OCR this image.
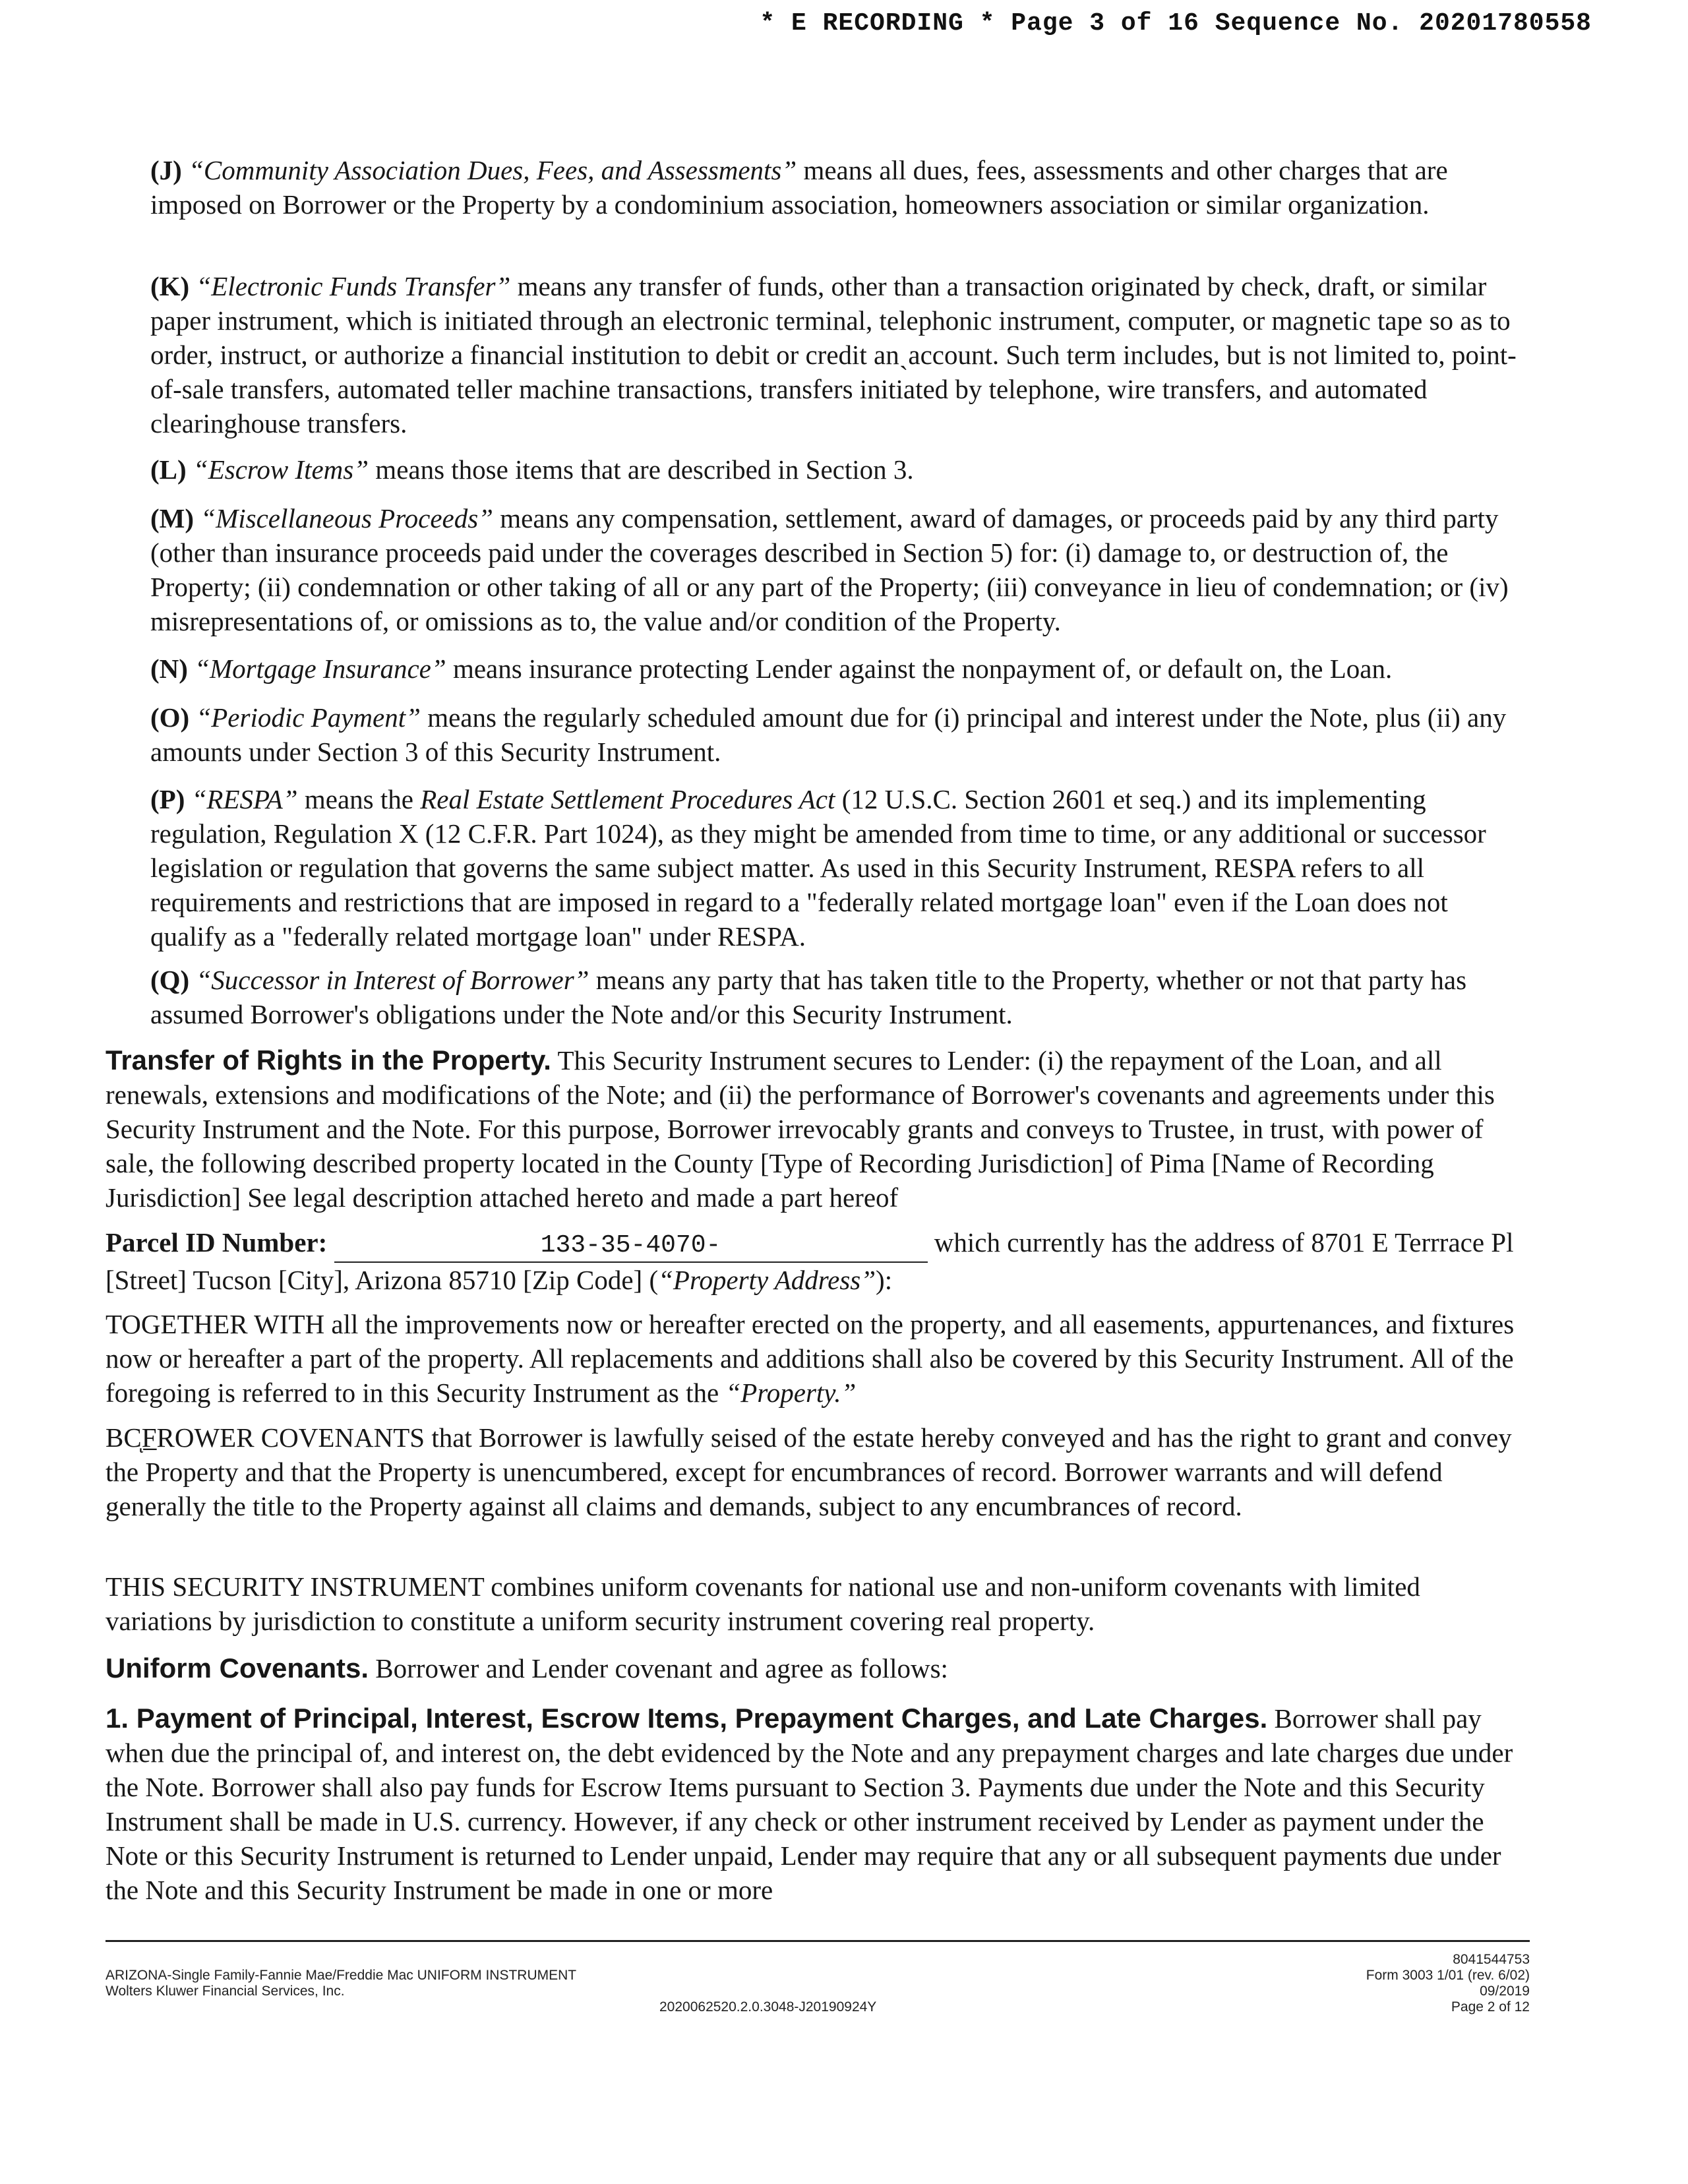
* E RECORDING * Page 3 of 16 Sequence No. 20201780558
(J) “Community Association Dues, Fees, and Assessments” means all dues, fees, assessments and other charges that are imposed on Borrower or the Property by a condominium association, homeowners association or similar organization.
(K) “Electronic Funds Transfer” means any transfer of funds, other than a transaction originated by check, draft, or similar paper instrument, which is initiated through an electronic terminal, telephonic instrument, computer, or magnetic tape so as to order, instruct, or authorize a financial institution to debit or credit anˎaccount. Such term includes, but is not limited to, point-of-sale transfers, automated teller machine transactions, transfers initiated by telephone, wire transfers, and automated clearinghouse transfers.
(L) “Escrow Items” means those items that are described in Section 3.
(M) “Miscellaneous Proceeds” means any compensation, settlement, award of damages, or proceeds paid by any third party (other than insurance proceeds paid under the coverages described in Section 5) for: (i) damage to, or destruction of, the Property; (ii) condemnation or other taking of all or any part of the Property; (iii) conveyance in lieu of condemnation; or (iv) misrepresentations of, or omissions as to, the value and/or condition of the Property.
(N) “Mortgage Insurance” means insurance protecting Lender against the nonpayment of, or default on, the Loan.
(O) “Periodic Payment” means the regularly scheduled amount due for (i) principal and interest under the Note, plus (ii) any amounts under Section 3 of this Security Instrument.
(P) “RESPA” means the Real Estate Settlement Procedures Act (12 U.S.C. Section 2601 et seq.) and its implementing regulation, Regulation X (12 C.F.R. Part 1024), as they might be amended from time to time, or any additional or successor legislation or regulation that governs the same subject matter. As used in this Security Instrument, RESPA refers to all requirements and restrictions that are imposed in regard to a "federally related mortgage loan" even if the Loan does not qualify as a "federally related mortgage loan" under RESPA.
(Q) “Successor in Interest of Borrower” means any party that has taken title to the Property, whether or not that party has assumed Borrower's obligations under the Note and/or this Security Instrument.
Transfer of Rights in the Property. This Security Instrument secures to Lender: (i) the repayment of the Loan, and all renewals, extensions and modifications of the Note; and (ii) the performance of Borrower's covenants and agreements under this Security Instrument and the Note. For this purpose, Borrower irrevocably grants and conveys to Trustee, in trust, with power of sale, the following described property located in the County [Type of Recording Jurisdiction] of Pima [Name of Recording Jurisdiction] See legal description attached hereto and made a part hereof
Parcel ID Number:	133-35-4070-	which currently has the address of 8701 E Terrrace Pl [Street] Tucson [City], Arizona 85710 [Zip Code] (“Property Address”):
TOGETHER WITH all the improvements now or hereafter erected on the property, and all easements, appurtenances, and fixtures now or hereafter a part of the property. All replacements and additions shall also be covered by this Security Instrument. All of the foregoing is referred to in this Security Instrument as the “Property.”
BCͅF̲ROWER COVENANTS that Borrower is lawfully seised of the estate hereby conveyed and has the right to grant and convey the Property and that the Property is unencumbered, except for encumbrances of record. Borrower warrants and will defend generally the title to the Property against all claims and demands, subject to any encumbrances of record.
THIS SECURITY INSTRUMENT combines uniform covenants for national use and non-uniform covenants with limited variations by jurisdiction to constitute a uniform security instrument covering real property.
Uniform Covenants. Borrower and Lender covenant and agree as follows:
1. Payment of Principal, Interest, Escrow Items, Prepayment Charges, and Late Charges. Borrower shall pay when due the principal of, and interest on, the debt evidenced by the Note and any prepayment charges and late charges due under the Note. Borrower shall also pay funds for Escrow Items pursuant to Section 3. Payments due under the Note and this Security Instrument shall be made in U.S. currency. However, if any check or other instrument received by Lender as payment under the Note or this Security Instrument is returned to Lender unpaid, Lender may require that any or all subsequent payments due under the Note and this Security Instrument be made in one or more
ARIZONA-Single Family-Fannie Mae/Freddie Mac UNIFORM INSTRUMENT
Wolters Kluwer Financial Services, Inc.
2020062520.2.0.3048-J20190924Y
8041544753
Form 3003 1/01 (rev. 6/02)
09/2019
Page 2 of 12
